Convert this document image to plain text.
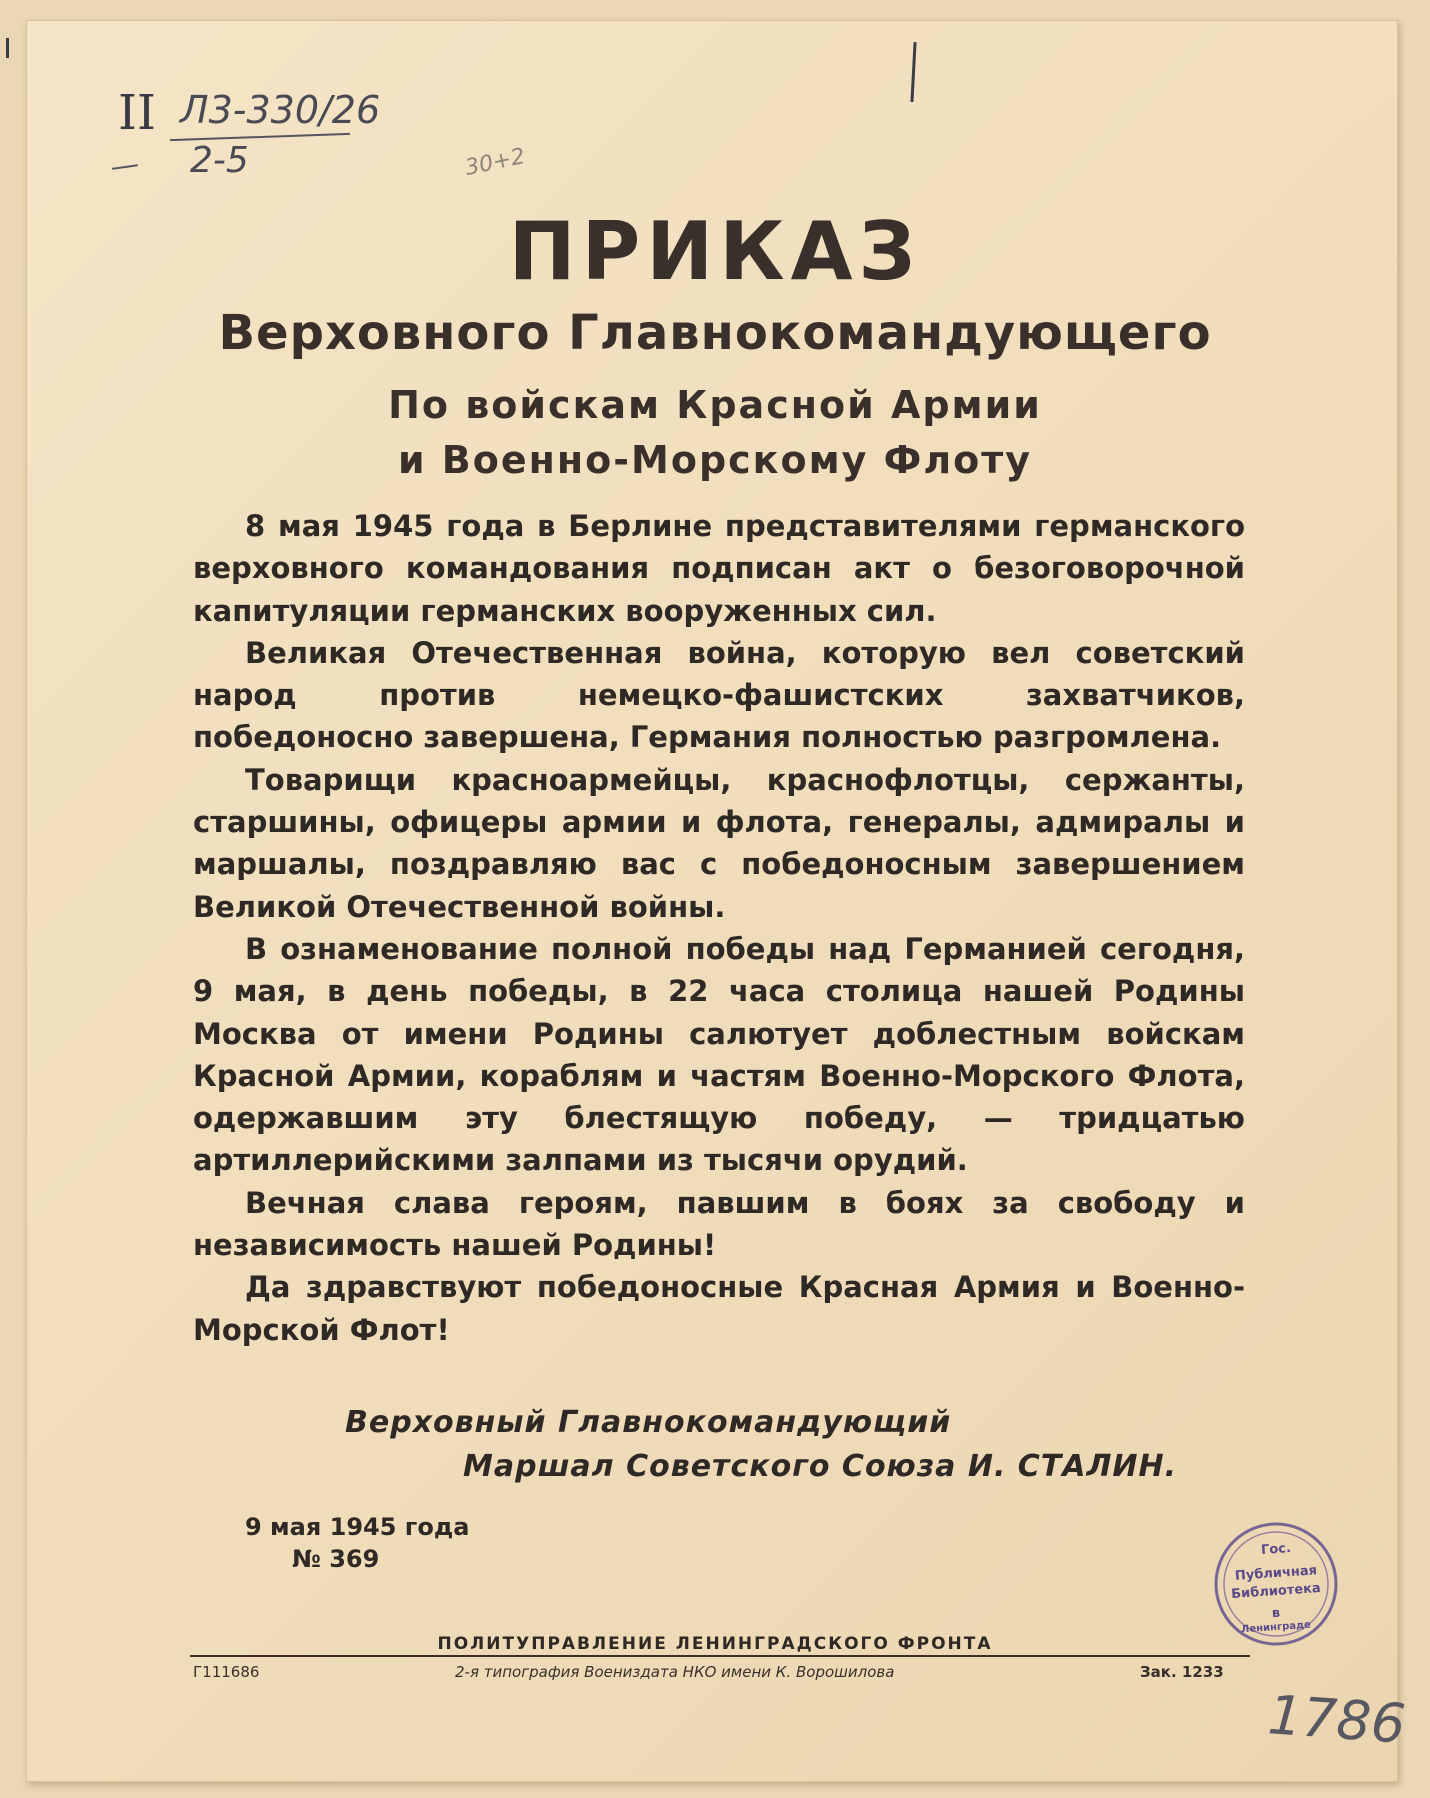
II Л3-330/26
2-5	30+2
ПРИКАЗ
Верховного Главнокомандующего
По войскам Красной Армии
и Военно-Морскому Флоту

8 мая 1945 года в Берлине представителями германского верховного командования подписан акт о безоговорочной капитуляции германских вооруженных сил.

Великая Отечественная война, которую вел советский народ против немецко-фашистских захватчиков, победоносно завершена, Германия полностью разгромлена.

Товарищи красноармейцы, краснофлотцы, сержанты, старшины, офицеры армии и флота, генералы, адмиралы и маршалы, поздравляю вас с победоносным завершением Великой Отечественной войны.

В ознаменование полной победы над Германией сегодня, 9 мая, в день победы, в 22 часа столица нашей Родины Москва от имени Родины салютует доблестным войскам Красной Армии, кораблям и частям Военно-Морского Флота, одержавшим эту блестящую победу, — тридцатью артиллерийскими залпами из тысячи орудий.

Вечная слава героям, павшим в боях за свободу и независимость нашей Родины!

Да здравствуют победоносные Красная Армия и Военно-Морской Флот!

Верховный Главнокомандующий
Маршал Советского Союза И. СТАЛИН.
9 мая 1945 года
№ 369	Гос.
Публичная
Библиотека
в
Ленинграде
ПОЛИТУПРАВЛЕНИЕ ЛЕНИНГРАДСКОГО ФРОНТА
Г111686	2-я типография Воениздата НКО имени К. Ворошилова	Зак. 1233
1786
